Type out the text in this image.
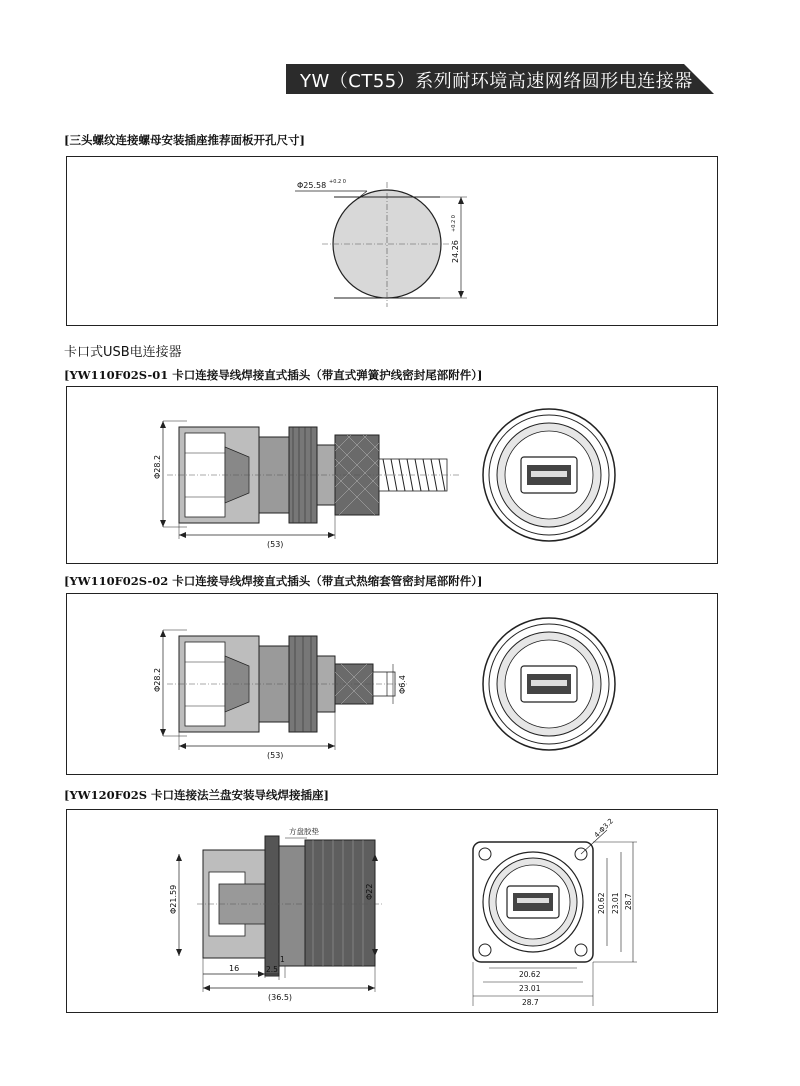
YW（CT55）系列耐环境高速网络圆形电连接器
[三头螺纹连接螺母安装插座推荐面板开孔尺寸]
Φ25.58 +0.2 0
24.26
+0.2 0
卡口式USB电连接器
[YW110F02S-01 卡口连接导线焊接直式插头（带直式弹簧护线密封尾部附件）]
Φ28.2
(53)
[YW110F02S-02 卡口连接导线焊接直式插头（带直式热缩套管密封尾部附件）]
Φ28.2	Φ6.4
(53)
[YW120F02S 卡口连接法兰盘安装导线焊接插座]
Φ21.59
方盘胶垫
Φ22
16	2.5
1
(36.5)
4-Φ3.2
20.62 23.01 28.7
20.62
23.01
28.7
